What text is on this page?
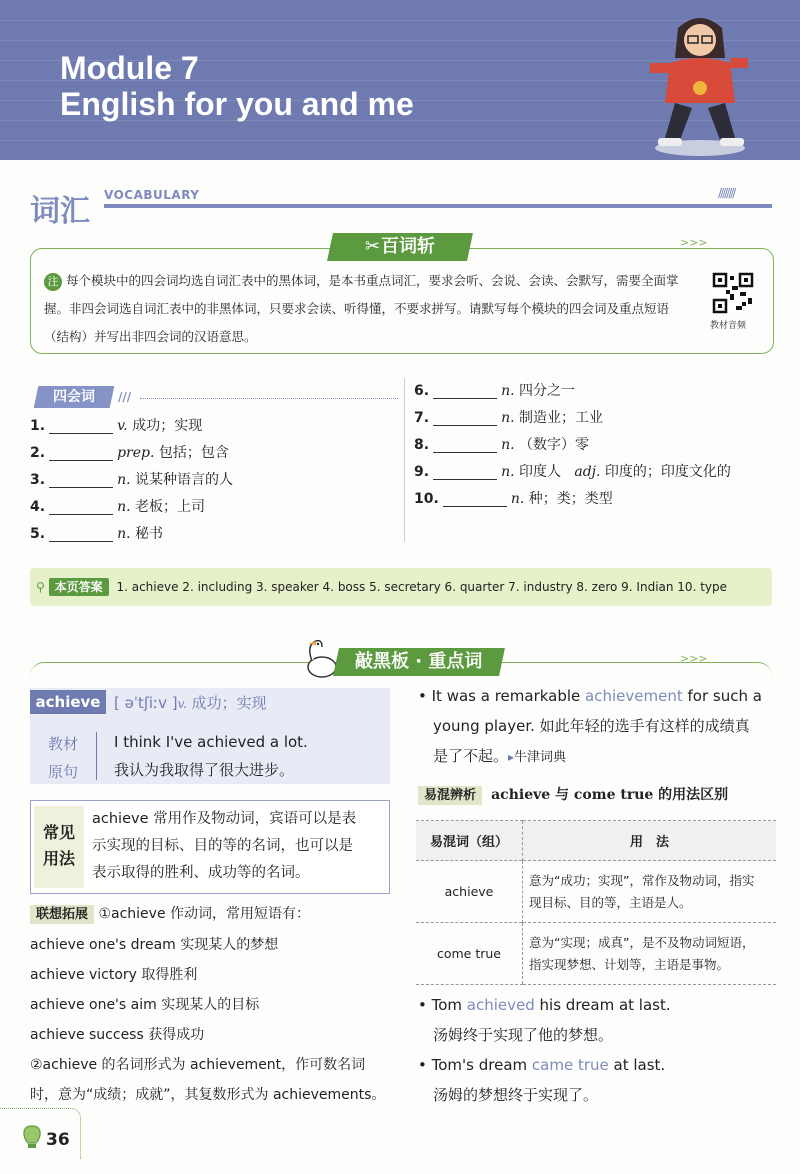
Module 7
English for you and me
词汇 VOCABULARY	////////
✂百词斩	>>>
注 每个模块中的四会词均选自词汇表中的黑体词，是本书重点词汇，要求会听、会说、会读、会默写，需要全面掌
握。非四会词选自词汇表中的非黑体词，只要求会读、听得懂，不要求拼写。请默写每个模块的四会词及重点短语
（结构）并写出非四会词的汉语意思。
教材音频
四会词	///
1.	v. 成功；实现
2.	prep. 包括；包含
3.	n. 说某种语言的人
4.	n. 老板；上司
5.	n. 秘书
6.	n. 四分之一
7.	n. 制造业；工业
8.	n. （数字）零
9.	n. 印度人 adj. 印度的；印度文化的
10.	n. 种；类；类型
⚲ 本页答案 1. achieve 2. including 3. speaker 4. boss 5. secretary 6. quarter 7. industry 8. zero 9. Indian 10. type
敲黑板 · 重点词	>>>
achieve [ əˈtʃiːv ]v. 成功；实现
教材
原句
I think I've achieved a lot.
我认为我取得了很大进步。
常见
用法
achieve 常用作及物动词，宾语可以是表
示实现的目标、目的等的名词，也可以是
表示取得的胜利、成功等的名词。
联想拓展 ①achieve 作动词，常用短语有：
achieve one's dream 实现某人的梦想
achieve victory 取得胜利
achieve one's aim 实现某人的目标
achieve success 获得成功
②achieve 的名词形式为 achievement，作可数名词
时，意为“成绩；成就”，其复数形式为 achievements。
• It was a remarkable achievement for such a
young player. 如此年轻的选手有这样的成绩真
是了不起。▸牛津词典
易混辨析 achieve 与 come true 的用法区别
易混词（组）	用　法
achieve	意为“成功；实现”，常作及物动词，指实
现目标、目的等，主语是人。

come true	意为“实现；成真”，是不及物动词短语，
指实现梦想、计划等，主语是事物。
• Tom achieved his dream at last.
汤姆终于实现了他的梦想。
• Tom's dream came true at last.
汤姆的梦想终于实现了。
36
